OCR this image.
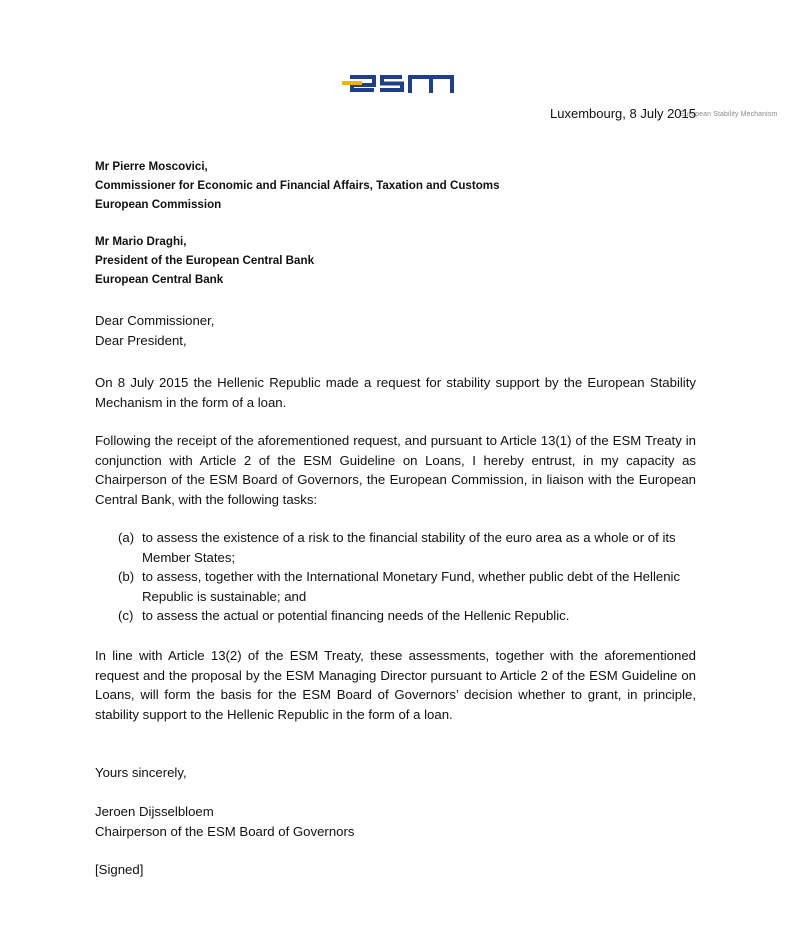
European Stability Mechanism
Luxembourg, 8 July 2015
Mr Pierre Moscovici,
Commissioner for Economic and Financial Affairs, Taxation and Customs
European Commission
Mr Mario Draghi,
President of the European Central Bank
European Central Bank
Dear Commissioner,
Dear President,
On 8 July 2015 the Hellenic Republic made a request for stability support by the European Stability Mechanism in the form of a loan.
Following the receipt of the aforementioned request, and pursuant to Article 13(1) of the ESM Treaty in conjunction with Article 2 of the ESM Guideline on Loans, I hereby entrust, in my capacity as Chairperson of the ESM Board of Governors, the European Commission, in liaison with the European Central Bank, with the following tasks:
(a) to assess the existence of a risk to the financial stability of the euro area as a whole or of its Member States;
(b) to assess, together with the International Monetary Fund, whether public debt of the Hellenic Republic is sustainable; and
(c) to assess the actual or potential financing needs of the Hellenic Republic.
In line with Article 13(2) of the ESM Treaty, these assessments, together with the aforementioned request and the proposal by the ESM Managing Director pursuant to Article 2 of the ESM Guideline on Loans, will form the basis for the ESM Board of Governors’ decision whether to grant, in principle, stability support to the Hellenic Republic in the form of a loan.
Yours sincerely,
Jeroen Dijsselbloem
Chairperson of the ESM Board of Governors
[Signed]
